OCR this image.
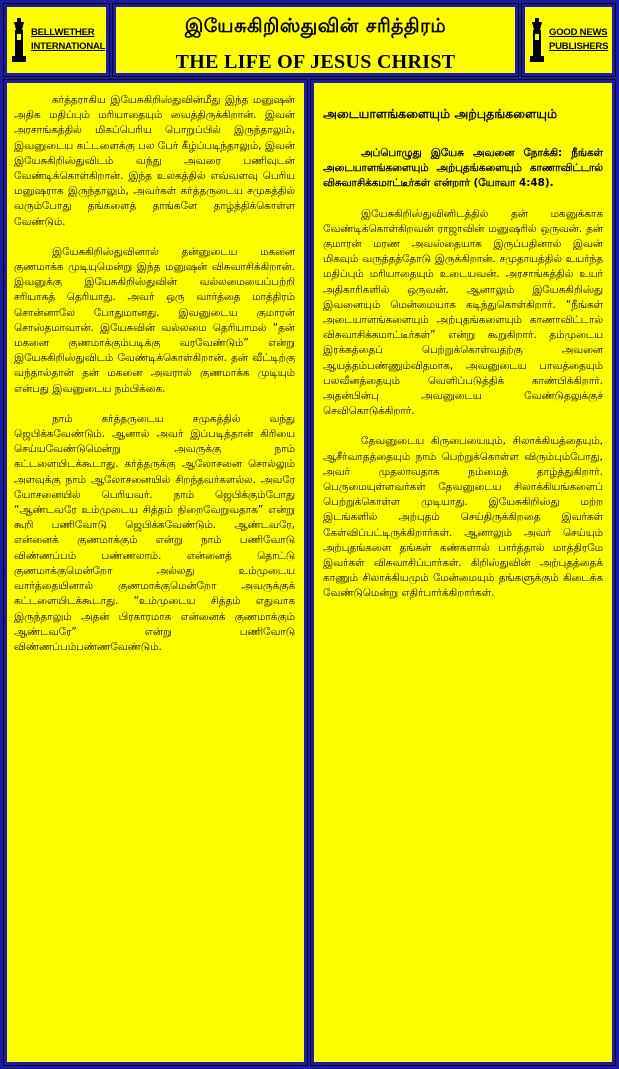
BELLWETHER
INTERNATIONAL
இயேசுகிறிஸ்துவின் சரித்திரம்
THE LIFE OF JESUS CHRIST
GOOD NEWS
PUBLISHERS

கர்த்தராகிய இயேசுகிறிஸ்துவின்மீது இந்த மனுஷன் அதிக மதிப்பும் மரியாதையும் வைத்திருக்கிறான். இவன் அரசாங்கத்தில் மிகப்பெரிய பொறுப்பில் இருந்தாலும், இவனுடைய கட்டளைக்கு பல பேர் கீழ்ப்படிந்தாலும், இவன் இயேசுகிறிஸ்துவிடம் வந்து அவரை பணிவுடன் வேண்டிக்கொள்கிறான். இந்த உலகத்தில் எவ்வளவு பெரிய மனுஷராக இருந்தாலும், அவர்கள் கர்த்தருடைய சமுகத்தில் வரும்போது தங்களைத் தாங்களே தாழ்த்திக்கொள்ள வேண்டும்.

இயேசுகிறிஸ்துவினால் தன்னுடைய மகனை குணமாக்க முடியுமென்று இந்த மனுஷன் விசுவாசிக்கிறான். இவனுக்கு இயேசுகிறிஸ்துவின் வல்லமையைப்பற்றி சரியாகத் தெரியாது. அவர் ஒரு வார்த்தை மாத்திரம் சொன்னாலே போதுமானது. இவனுடைய குமாரன் சொஸ்தமாவான். இயேசுவின் வல்லமை தெரியாமல் “தன் மகனை குணமாக்கும்படிக்கு வரவேண்டும்” என்று இயேசுகிறிஸ்துவிடம் வேண்டிக்கொள்கிறான். தன் வீட்டிற்கு வந்தால்தான் தன் மகனை அவரால் குணமாக்க முடியும் என்பது இவனுடைய நம்பிக்கை.

நாம் கர்த்தருடைய சமுகத்தில் வந்து ஜெபிக்கவேண்டும். ஆனால் அவர் இப்படித்தான் கிரியை செய்யவேண்டுமென்று அவருக்கு நாம் கட்டளையிடக்கூடாது. கர்த்தருக்கு ஆலோசனை சொல்லும் அளவுக்கு நாம் ஆலோசனையில் சிறந்தவர்களல்ல. அவரே யோசனையில் பெரியவர். நாம் ஜெபிக்கும்போது “ஆண்டவரே உம்முடைய சித்தம் நிறைவேறுவதாக” என்று கூறி பணிவோடு ஜெபிக்கவேண்டும். ஆண்டவரே, என்னைக் குணமாக்கும் என்று நாம் பணிவோடு விண்ணப்பம் பண்ணலாம். என்னைத் தொட்டு குணமாக்குமென்றோ அல்லது உம்முடைய வார்த்தையினால் குணமாக்குமென்றோ அவருக்குக் கட்டளையிடக்கூடாது. “உம்முடைய சித்தம் எதுவாக இருந்தாலும் அதன் பிரகாரமாக என்னைக் குணமாக்கும் ஆண்டவரே” என்று பணிவோடு விண்ணப்பம்பண்ணவேண்டும்.

அடையாளங்களையும் அற்புதங்களையும்

அப்பொழுது இயேசு அவனை நோக்கி: நீங்கள் அடையாளங்களையும் அற்புதங்களையும் காணாவிட்டால் விசுவாசிக்கமாட்டீர்கள் என்றார் (யோவா 4:48).

இயேசுகிறிஸ்துவினிடத்தில் தன் மகனுக்காக வேண்டிக்கொள்கிறவன் ராஜாவின் மனுஷரில் ஒருவன். தன் குமாரன் மரண அவஸ்தையாக இருப்பதினால் இவன் மிகவும் வருத்தத்தோடு இருக்கிறான். சமுதாயத்தில் உயர்ந்த மதிப்பும் மரியாதையும் உடையவன். அரசாங்கத்தில் உயர் அதிகாரிகளில் ஒருவன். ஆனாலும் இயேசுகிறிஸ்து இவனையும் மென்மையாக கடிந்துகொள்கிறார். “நீங்கள் அடையாளங்களையும் அற்புதங்களையும் காணாவிட்டால் விசுவாசிக்கமாட்டீர்கள்” என்று கூறுகிறார். தம்முடைய இரக்கத்தைப் பெற்றுக்கொள்வதற்கு அவனை ஆயத்தம்பண்ணும்விதமாக, அவனுடைய பாவத்தையும் பலவீனத்தையும் வெளிப்படுத்திக் காண்பிக்கிறார். அதன்பின்பு அவனுடைய வேண்டுதலுக்குச் செவிகொடுக்கிறார்.

தேவனுடைய கிருபையையும், சிலாக்கியத்தையும், ஆசீர்வாதத்தையும் நாம் பெற்றுக்கொள்ள விரும்பும்போது, அவர் முதலாவதாக நம்மைத் தாழ்த்துகிறார். பெருமையுள்ளவர்கள் தேவனுடைய சிலாக்கியங்களைப் பெற்றுக்கொள்ள முடியாது. இயேசுகிறிஸ்து மற்ற இடங்களில் அற்புதம் செய்திருக்கிறதை இவர்கள் கேள்விப்பட்டிருக்கிறார்கள். ஆனாலும் அவர் செய்யும் அற்புதங்களை தங்கள் கண்களால் பார்த்தால் மாத்திரமே இவர்கள் விசுவாசிப்பார்கள். கிறிஸ்துவின் அற்புதத்தைக் காணும் சிலாக்கியமும் மேன்மையும் தங்களுக்கும் கிடைக்க வேண்டுமென்று எதிர்பார்க்கிறார்கள்.
